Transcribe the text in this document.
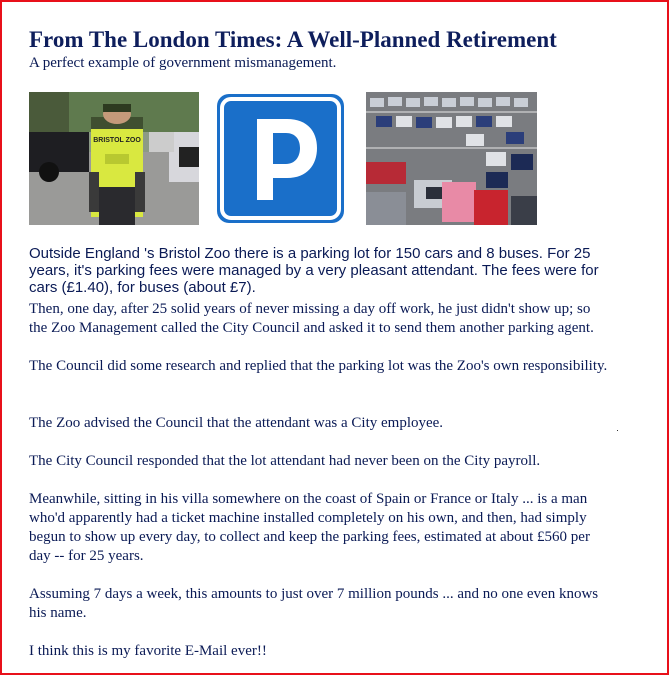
From The London Times: A Well-Planned Retirement

A perfect example of government mismanagement.

BRISTOL ZOO

Outside England 's Bristol Zoo there is a parking lot for 150 cars and 8 buses. For 25 years, it's parking fees were managed by a very pleasant attendant. The fees were for cars (£1.40), for buses (about £7).

Then, one day, after 25 solid years of never missing a day off work, he just didn't show up; so the Zoo Management called the City Council and asked it to send them another parking agent.

The Council did some research and replied that the parking lot was the Zoo's own responsibility.

The Zoo advised the Council that the attendant was a City employee.

The City Council responded that the lot attendant had never been on the City payroll.

Meanwhile, sitting in his villa somewhere on the coast of Spain or France or Italy ... is a man who'd apparently had a ticket machine installed completely on his own, and then, had simply begun to show up every day, to collect and keep the parking fees, estimated at about £560 per day -- for 25 years.

Assuming 7 days a week, this amounts to just over 7 million pounds ... and no one even knows his name.

I think this is my favorite E-Mail ever!!
